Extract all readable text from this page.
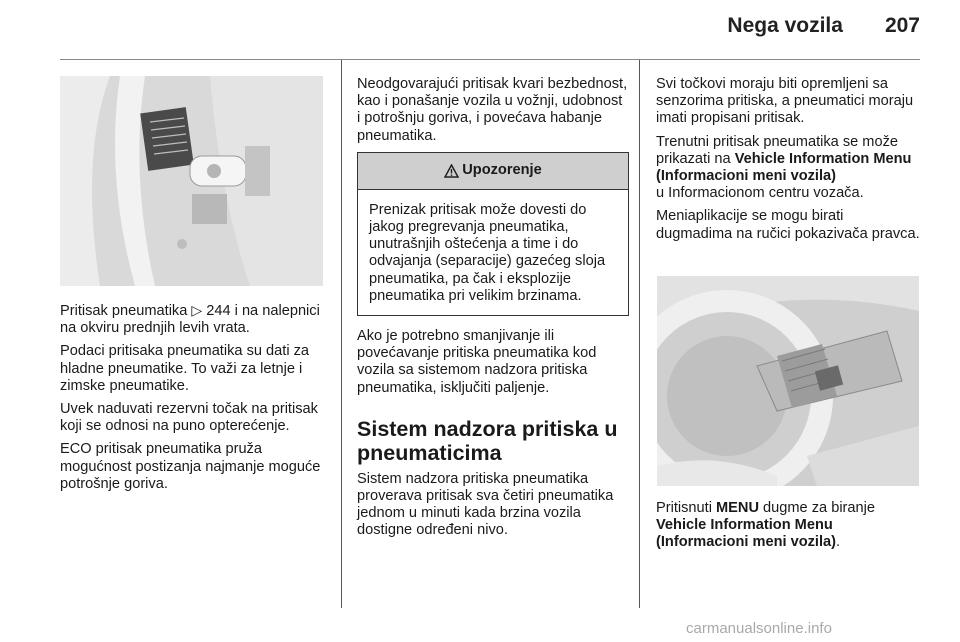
Nega vozila 207

Pritisak pneumatika ▷ 244 i na nalepnici na okviru prednjih levih vrata.

Podaci pritisaka pneumatika su dati za hladne pneumatike. To važi za letnje i zimske pneumatike.

Uvek naduvati rezervni točak na pritisak koji se odnosi na puno opterećenje.

ECO pritisak pneumatika pruža mogućnost postizanja najmanje moguće potrošnje goriva.

Neodgovarajući pritisak kvari bezbednost, kao i ponašanje vozila u vožnji, udobnost i potrošnju goriva, i povećava habanje pneumatika.

Upozorenje
Prenizak pritisak može dovesti do jakog pregrevanja pneumatika, unutrašnjih oštećenja a time i do odvajanja (separacije) gazećeg sloja pneumatika, pa čak i eksplozije pneumatika pri velikim brzinama.

Ako je potrebno smanjivanje ili povećavanje pritiska pneumatika kod vozila sa sistemom nadzora pritiska pneumatika, isključiti paljenje.

Sistem nadzora pritiska u pneumaticima

Sistem nadzora pritiska pneumatika proverava pritisak sva četiri pneumatika jednom u minuti kada brzina vozila dostigne određeni nivo.

Svi točkovi moraju biti opremljeni sa senzorima pritiska, a pneumatici moraju imati propisani pritisak.

Trenutni pritisak pneumatika se može prikazati na Vehicle Information Menu (Informacioni meni vozila)
u Informacionom centru vozača.

Meniaplikacije se mogu birati dugmadima na ručici pokazivača pravca.

Pritisnuti MENU dugme za biranje
Vehicle Information Menu (Informacioni meni vozila).

carmanualsonline.info
